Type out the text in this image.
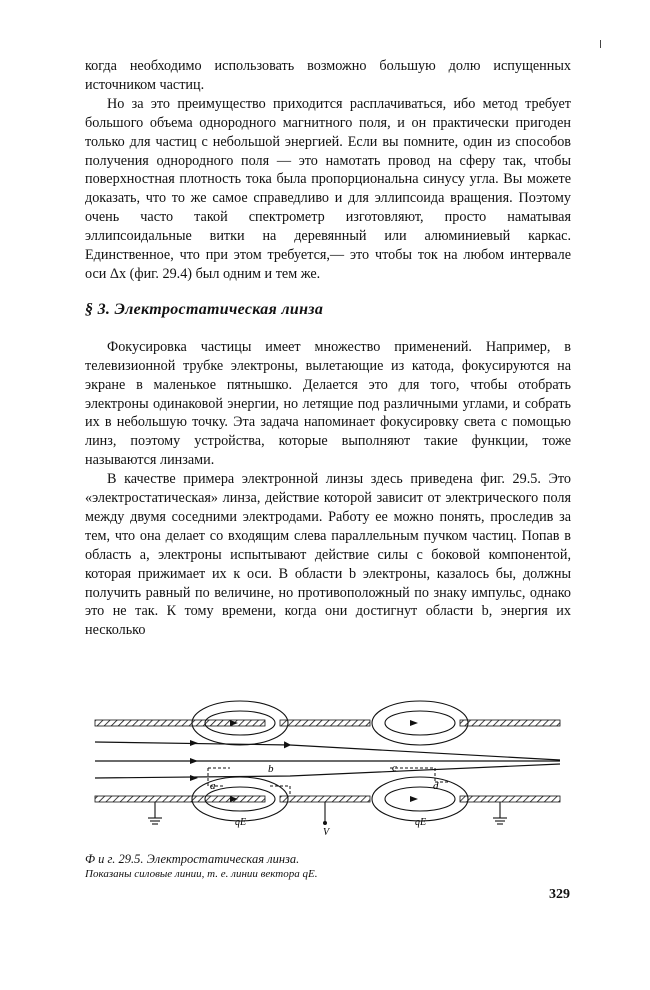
когда необходимо использовать возможно большую долю испущенных источником частиц.

Но за это преимущество приходится расплачиваться, ибо метод требует большого объема однородного магнитного поля, и он практически пригоден только для частиц с небольшой энергией. Если вы помните, один из способов получения однородного поля — это намотать провод на сферу так, чтобы поверхностная плотность тока была пропорциональна синусу угла. Вы можете доказать, что то же самое справедливо и для эллипсоида вращения. Поэтому очень часто такой спектрометр изготовляют, просто наматывая эллипсоидальные витки на деревянный или алюминиевый каркас. Единственное, что при этом требуется,— это чтобы ток на любом интервале оси Δx (фиг. 29.4) был одним и тем же.

§ 3. Электростатическая линза

Фокусировка частицы имеет множество применений. Например, в телевизионной трубке электроны, вылетающие из катода, фокусируются на экране в маленькое пятнышко. Делается это для того, чтобы отобрать электроны одинаковой энергии, но летящие под различными углами, и собрать их в небольшую точку. Эта задача напоминает фокусировку света с помощью линз, поэтому устройства, которые выполняют такие функции, тоже называются линзами.

В качестве примера электронной линзы здесь приведена фиг. 29.5. Это «электростатическая» линза, действие которой зависит от электрического поля между двумя соседними электродами. Работу ее можно понять, проследив за тем, что она делает со входящим слева параллельным пучком частиц. Попав в область a, электроны испытывают действие силы с боковой компонентой, которая прижимает их к оси. В области b электроны, казалось бы, должны получить равный по величине, но противоположный по знаку импульс, однако это не так. К тому времени, когда они достигнут области b, энергия их несколько

a
b	c
d
qE	qE
V
Ф и г. 29.5. Электростатическая линза.
Показаны силовые линии, т. е. линии вектора qE.
329
